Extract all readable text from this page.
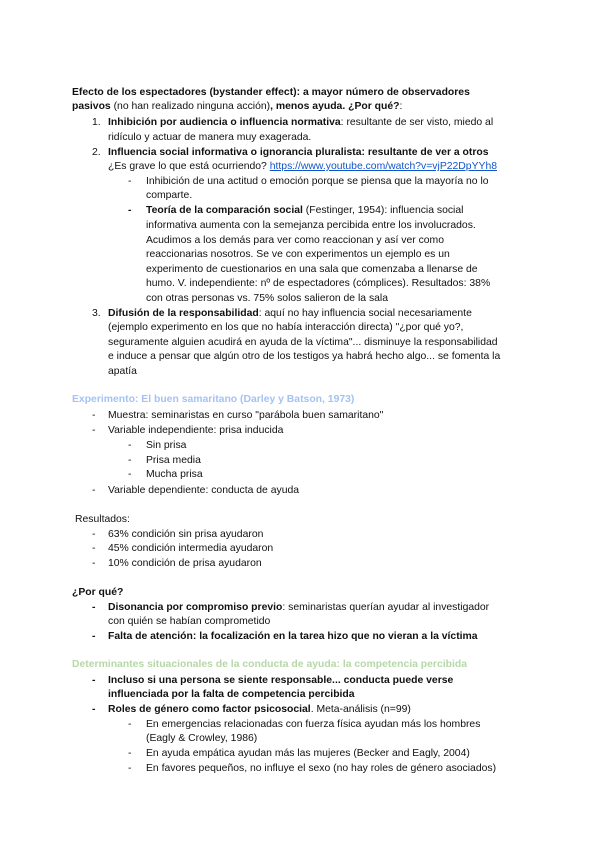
Efecto de los espectadores (bystander effect): a mayor número de observadores
pasivos (no han realizado ninguna acción), menos ayuda. ¿Por qué?:
1. Inhibición por audiencia o influencia normativa: resultante de ser visto, miedo al
ridículo y actuar de manera muy exagerada.
2. Influencia social informativa o ignorancia pluralista: resultante de ver a otros
¿Es grave lo que está ocurriendo? https://www.youtube.com/watch?v=vjP22DpYYh8
- Inhibición de una actitud o emoción porque se piensa que la mayoría no lo
comparte.
- Teoría de la comparación social (Festinger, 1954): influencia social
informativa aumenta con la semejanza percibida entre los involucrados.
Acudimos a los demás para ver como reaccionan y así ver como
reaccionarias nosotros. Se ve con experimentos un ejemplo es un
experimento de cuestionarios en una sala que comenzaba a llenarse de
humo. V. independiente: nº de espectadores (cómplices). Resultados: 38%
con otras personas vs. 75% solos salieron de la sala
3. Difusión de la responsabilidad: aquí no hay influencia social necesariamente
(ejemplo experimento en los que no había interacción directa) "¿por qué yo?,
seguramente alguien acudirá en ayuda de la víctima"... disminuye la responsabilidad
e induce a pensar que algún otro de los testigos ya habrá hecho algo... se fomenta la
apatía
Experimento: El buen samaritano (Darley y Batson, 1973)
- Muestra: seminaristas en curso "parábola buen samaritano"
- Variable independiente: prisa inducida
- Sin prisa
- Prisa media
- Mucha prisa
- Variable dependiente: conducta de ayuda
Resultados:
- 63% condición sin prisa ayudaron
- 45% condición intermedia ayudaron
- 10% condición de prisa ayudaron
¿Por qué?
- Disonancia por compromiso previo: seminaristas querían ayudar al investigador
con quién se habían comprometido
- Falta de atención: la focalización en la tarea hizo que no vieran a la víctima
Determinantes situacionales de la conducta de ayuda: la competencia percibida
- Incluso si una persona se siente responsable... conducta puede verse
influenciada por la falta de competencia percibida
- Roles de género como factor psicosocial. Meta-análisis (n=99)
- En emergencias relacionadas con fuerza física ayudan más los hombres
(Eagly & Crowley, 1986)
- En ayuda empática ayudan más las mujeres (Becker and Eagly, 2004)
- En favores pequeños, no influye el sexo (no hay roles de género asociados)
